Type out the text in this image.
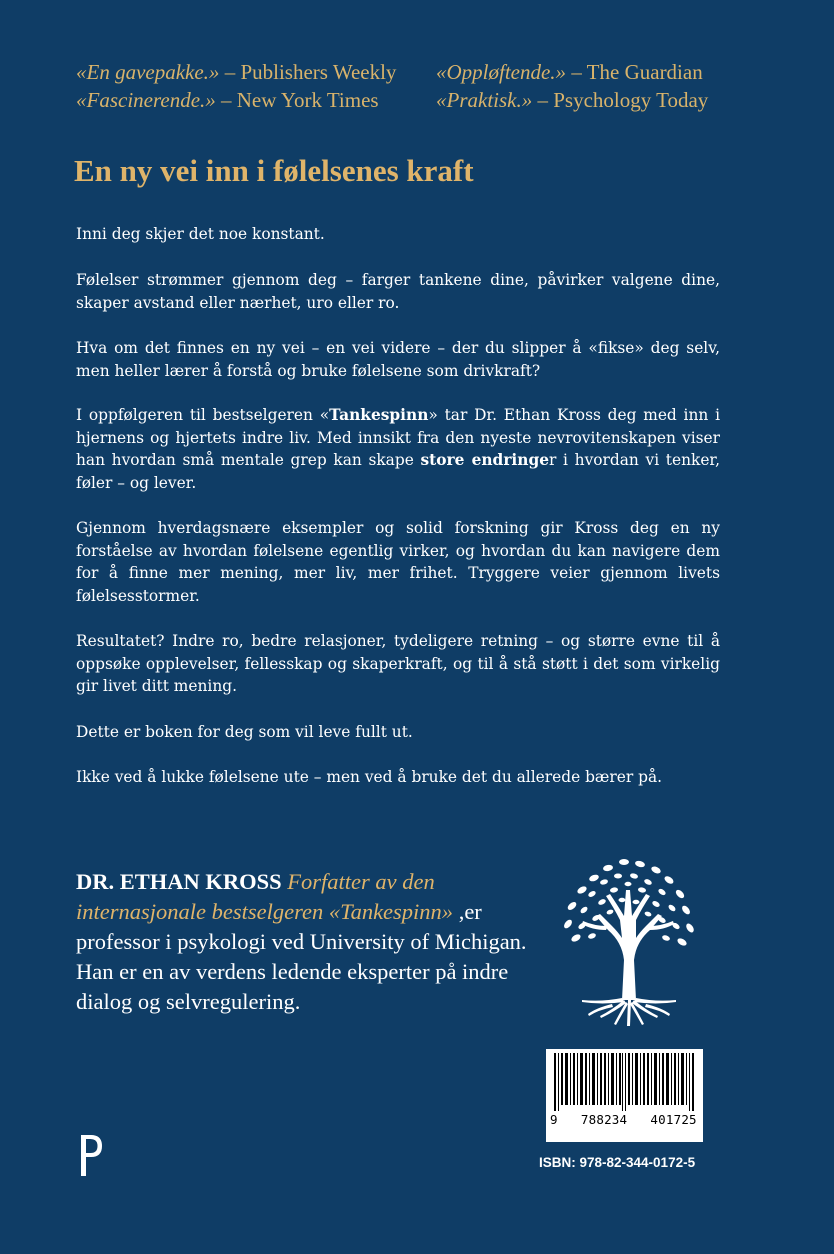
«En gavepakke.» – Publishers Weekly
«Fascinerende.» – New York Times
«Oppløftende.» – The Guardian
«Praktisk.» – Psychology Today
En ny vei inn i følelsenes kraft

Inni deg skjer det noe konstant.

Følelser strømmer gjennom deg – farger tankene dine, påvirker valgene dine, skaper avstand eller nærhet, uro eller ro.

Hva om det finnes en ny vei – en vei videre – der du slipper å «fikse» deg selv, men heller lærer å forstå og bruke følelsene som drivkraft?

I oppfølgeren til bestselgeren «Tankespinn» tar Dr. Ethan Kross deg med inn i hjernens og hjertets indre liv. Med innsikt fra den nyeste nevrovitenskapen viser han hvordan små mentale grep kan skape store endringer i hvordan vi tenker, føler – og lever.

Gjennom hverdagsnære eksempler og solid forskning gir Kross deg en ny forståelse av hvordan følelsene egentlig virker, og hvordan du kan navigere dem for å finne mer mening, mer liv, mer frihet. Tryggere veier gjennom livets følelsesstormer.

Resultatet? Indre ro, bedre relasjoner, tydeligere retning – og større evne til å oppsøke opplevelser, fellesskap og skaperkraft, og til å stå støtt i det som virkelig gir livet ditt mening.

Dette er boken for deg som vil leve fullt ut.

Ikke ved å lukke følelsene ute – men ved å bruke det du allerede bærer på.

DR. ETHAN KROSS Forfatter av den internasjonale bestselgeren «Tankespinn» ,er professor i psykologi ved University of Michigan. Han er en av verdens ledende eksperter på indre dialog og selvregulering.

9   788234   401725
ISBN: 978-82-344-0172-5
